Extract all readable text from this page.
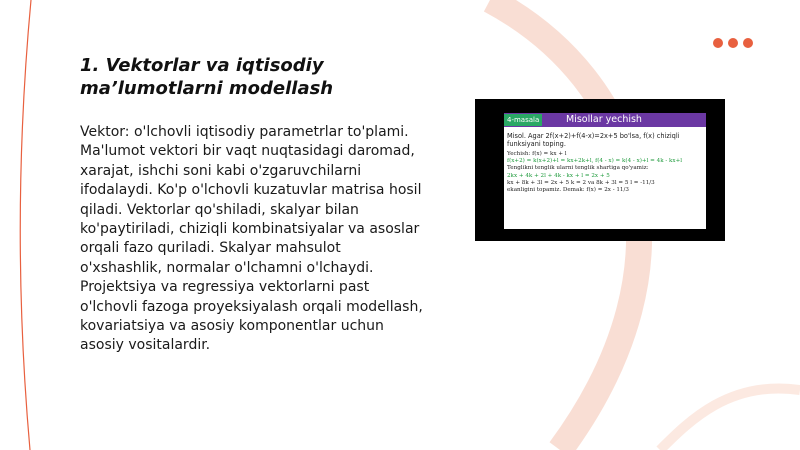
1. Vektorlar va iqtisodiy
ma’lumotlarni modellash

Vektor: o'lchovli iqtisodiy parametrlar to'plami. Ma'lumot vektori bir vaqt nuqtasidagi daromad, xarajat, ishchi soni kabi o'zgaruvchilarni ifodalaydi. Ko'p o'lchovli kuzatuvlar matrisa hosil qiladi. Vektorlar qo'shiladi, skalyar bilan ko'paytiriladi, chiziqli kombinatsiyalar va asoslar orqali fazo quriladi. Skalyar mahsulot o'xshashlik, normalar o'lchamni o'lchaydi. Projektsiya va regressiya vektorlarni past o'lchovli fazoga proyeksiyalash orqali modellash, kovariatsiya va asosiy komponentlar uchun asosiy vositalardir.

4-masala	Misollar yechish
Misol. Agar 2f(x+2)+f(4-x)=2x+5 bo'lsa, f(x) chiziqli
funksiyani toping.
Yechish: f(x) = kx + l
f(x+2) = k(x+2)+l = kx+2k+l, f(4 - x) = k(4 - x)+l = 4k - kx+l
Tenglikni tenglik ularni tenglik shartiga qo'yamiz:
2kx + 4k + 2l + 4k - kx + l = 2x + 5
kx + 8k + 3l = 2x + 5 k = 2 va 8k + 3l = 5 l = -11/3
ekanligini topamiz. Demak: f(x) = 2x - 11/3
